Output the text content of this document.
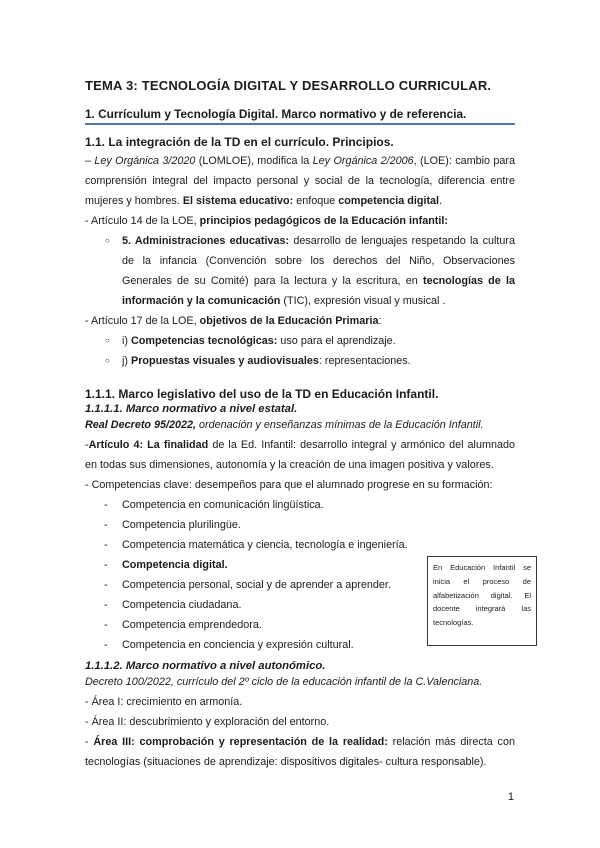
TEMA 3: TECNOLOGÍA DIGITAL Y DESARROLLO CURRICULAR.
1. Currículum y Tecnología Digital. Marco normativo y de referencia.
1.1. La integración de la TD en el currículo. Principios.

– Ley Orgánica 3/2020 (LOMLOE), modifica la Ley Orgánica 2/2006, (LOE): cambio para comprensión integral del impacto personal y social de la tecnología, diferencia entre mujeres y hombres. El sistema educativo: enfoque competencia digital.

- Artículo 14 de la LOE, principios pedagógicos de la Educación infantil:

○	5. Administraciones educativas: desarrollo de lenguajes respetando la cultura de la infancia (Convención sobre los derechos del Niño, Observaciones Generales de su Comité) para la lectura y la escritura, en tecnologías de la información y la comunicación (TIC), expresión visual y musical .

- Artículo 17 de la LOE, objetivos de la Educación Primaria:

○	i) Competencias tecnológicas: uso para el aprendizaje.
○	j) Propuestas visuales y audiovisuales: representaciones.
1.1.1. Marco legislativo del uso de la TD en Educación Infantil.
1.1.1.1. Marco normativo a nivel estatal.

Real Decreto 95/2022, ordenación y enseñanzas mínimas de la Educación Infantil.

-Artículo 4: La finalidad de la Ed. Infantil: desarrollo integral y armónico del alumnado en todas sus dimensiones, autonomía y la creación de una imagen positiva y valores.

- Competencias clave: desempeños para que el alumnado progrese en su formación:

-	Competencia en comunicación lingüística.
-	Competencia plurilingüe.
-	Competencia matemática y ciencia, tecnología e ingeniería.
-	Competencia digital.
-	Competencia personal, social y de aprender a aprender.
-	Competencia ciudadana.
-	Competencia emprendedora.
-	Competencia en conciencia y expresión cultural.
1.1.1.2. Marco normativo a nivel autonómico.

Decreto 100/2022, currículo del 2º ciclo de la educación infantil de la C.Valenciana.

- Área I: crecimiento en armonía.

- Área II: descubrimiento y exploración del entorno.

- Área III: comprobación y representación de la realidad: relación más directa con tecnologías (situaciones de aprendizaje: dispositivos digitales- cultura responsable).

En Educación Infantil se inicia el proceso de alfabetización digital. El docente integrará las tecnologías.
1
